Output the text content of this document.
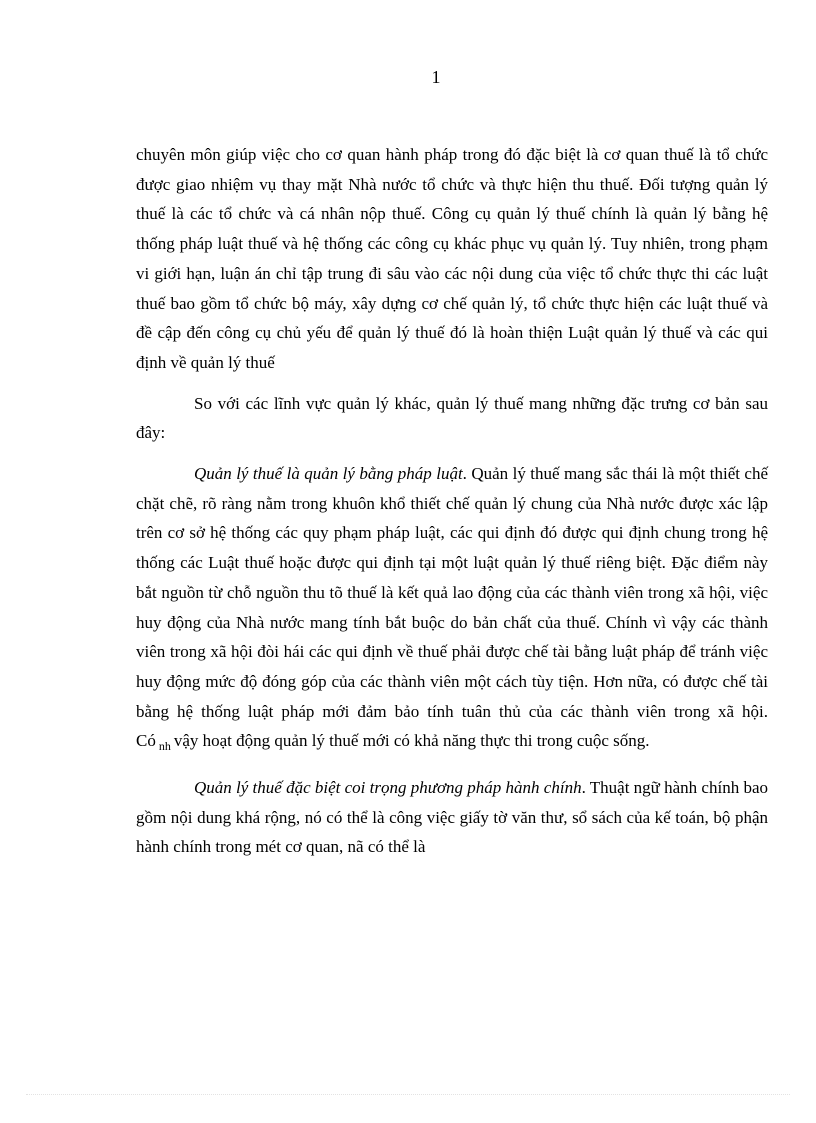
1

chuyên môn giúp việc cho cơ quan hành pháp trong đó đặc biệt là cơ quan thuế là tổ chức được giao nhiệm vụ thay mặt Nhà nước tổ chức và thực hiện thu thuế. Đối tượng quản lý thuế là các tổ chức và cá nhân nộp thuế. Công cụ quản lý thuế chính là quản lý bằng hệ thống pháp luật thuế và hệ thống các công cụ khác phục vụ quản lý. Tuy nhiên, trong phạm vi giới hạn, luận án chỉ tập trung đi sâu vào các nội dung của việc tổ chức thực thi các luật thuế bao gồm tổ chức bộ máy, xây dựng cơ chế quản lý, tổ chức thực hiện các luật thuế và đề cập đến công cụ chủ yếu để quản lý thuế đó là hoàn thiện Luật quản lý thuế và các qui định về quản lý thuế

So với các lĩnh vực quản lý khác, quản lý thuế mang những đặc trưng cơ bản sau đây:

Quản lý thuế là quản lý bằng pháp luật. Quản lý thuế mang sắc thái là một thiết chế chặt chẽ, rõ ràng nằm trong khuôn khổ thiết chế quản lý chung của Nhà nước được xác lập trên cơ sở hệ thống các quy phạm pháp luật, các qui định đó được qui định chung trong hệ thống các Luật thuế hoặc được qui định tại một luật quản lý thuế riêng biệt. Đặc điểm này bắt nguồn từ chỗ nguồn thu tõ thuế là kết quả lao động của các thành viên trong xã hội, việc huy động của Nhà nước mang tính bắt buộc do bản chất của thuế. Chính vì vậy các thành viên trong xã hội đòi hái các qui định về thuế phải được chế tài bằng luật pháp để tránh việc huy động mức độ đóng góp của các thành viên một cách tùy tiện. Hơn nữa, có được chế tài bằng hệ thống luật pháp mới đảm bảo tính tuân thủ của các thành viên trong xã hội. Có $_{nh}$ vậy hoạt động quản lý thuế mới có khả năng thực thi trong cuộc sống.

Quản lý thuế đặc biệt coi trọng phương pháp hành chính. Thuật ngữ hành chính bao gồm nội dung khá rộng, nó có thể là công việc giấy tờ văn thư, sổ sách của kế toán, bộ phận hành chính trong mét cơ quan, nã có thể là
